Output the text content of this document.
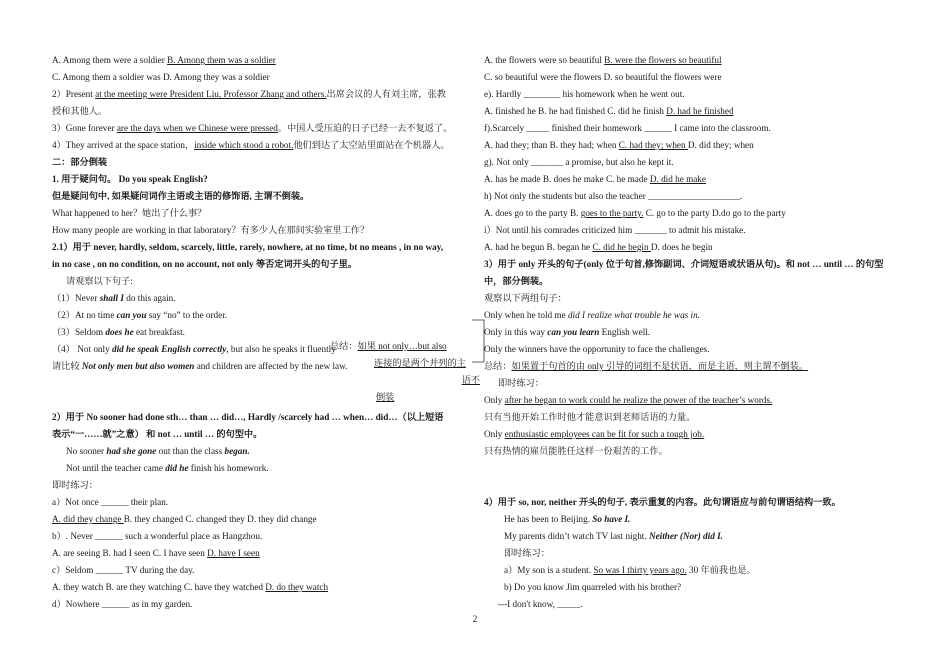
A. Among them were a soldier B. Among them was a soldier
C. Among them a soldier was D. Among they was a soldier
2）Present at the meeting were President Liu, Professor Zhang and others.出席会议的人有刘主席，张教
授和其他人。
3）Gone forever are the days when we Chinese were pressed。中国人受压迫的日子已经一去不复返了。
4）They arrived at the space station，inside which stood a robot.他们到达了太空站里面站在个机器人。
二：部分倒装
1. 用于疑问句。 Do you speak English?
但是疑问句中, 如果疑问词作主语或主语的修饰语, 主谓不倒装。
What happened to her？她出了什么事？
How many people are working in that laboratory？有多少人在那间实验室里工作？
2.1）用于 never, hardly, seldom, scarcely, little, rarely, nowhere, at no time, bt no means , in no way,
in no case , on no condition, on no account, not only 等否定词开头的句子里。
请观察以下句子:
（1）Never shall I do this again.
（2）At no time can you say “no” to the order.
（3）Seldom does he eat breakfast.
（4） Not only did he speak English correctly, but also he speaks it fluently
请比较 Not only men but also women and children are affected by the new law.
2）用于 No sooner had done sth… than … did…, Hardly /scarcely had … when… did…（以上短语
表示“一……就”之意） 和 not … until … 的句型中。
No sooner had she gone out than the class began.
Not until the teacher came did he finish his homework.
即时练习：
a）Not once ______ their plan.
A. did they change B. they changed C. changed they D. they did change
b）. Never ______ such a wonderful place as Hangzhou.
A. are seeing B. had I seen C. I have seen D. have I seen
c）Seldom ______ TV during the day.
A. they watch B. are they watching C. have they watched D. do they watch
d）Nowhere ______ as in my garden.
总结：如果 not only…but also
连接的是两个并列的主
语不
倒装
A. the flowers were so beautiful B. were the flowers so beautiful
C. so beautiful were the flowers D. so beautiful the flowers were
e). Hardly ________ his homework when he went out.
A. finished he B. he had finished C. did he finish D. had he finished
f).Scarcely _____ finished their homework ______ I came into the classroom.
A. had they; than B. they had; when C. had they; when D. did they; when
g). Not only _______ a promise, but also he kept it.
A. has he made B. does he make C. he made D. did he make
h) Not only the students but also the teacher ____________________.
A. does go to the party B. goes to the party. C. go to the party D.do go to the party
i）Not until his comrades criticized him _______ to admit his mistake.
A. had he begun B. began he C. did he begin D. does he begin
3）用于 only 开头的句子(only 位于句首,修饰副词、介词短语或状语从句)。和 not … until … 的句型
中，部分倒装。
观察以下两组句子：
Only when he told me did I realize what trouble he was in.
Only in this way can you learn English well.
Only the winners have the opportunity to face the challenges.
总结：如果置于句首的由 only 引导的词组不是状语，而是主语，则主谓不倒装。
即时练习：
Only after he began to work could he realize the power of the teacher’s words.
只有当他开始工作时他才能意识到老师话语的力量。
Only enthusiastic employees can be fit for such a tough job.
只有热情的雇员能胜任这样一份艰苦的工作。
4）用于 so, nor, neither 开头的句子, 表示重复的内容。此句谓语应与前句谓语结构一致。
He has been to Beijing. So have I.
My parents didn’t watch TV last night. Neither (Nor) did I.
即时练习：
a）My son is a student. So was I thirty years ago. 30 年前我也是。
b) Do you know Jim quarreled with his brother?
---I don't know, _____.
2
